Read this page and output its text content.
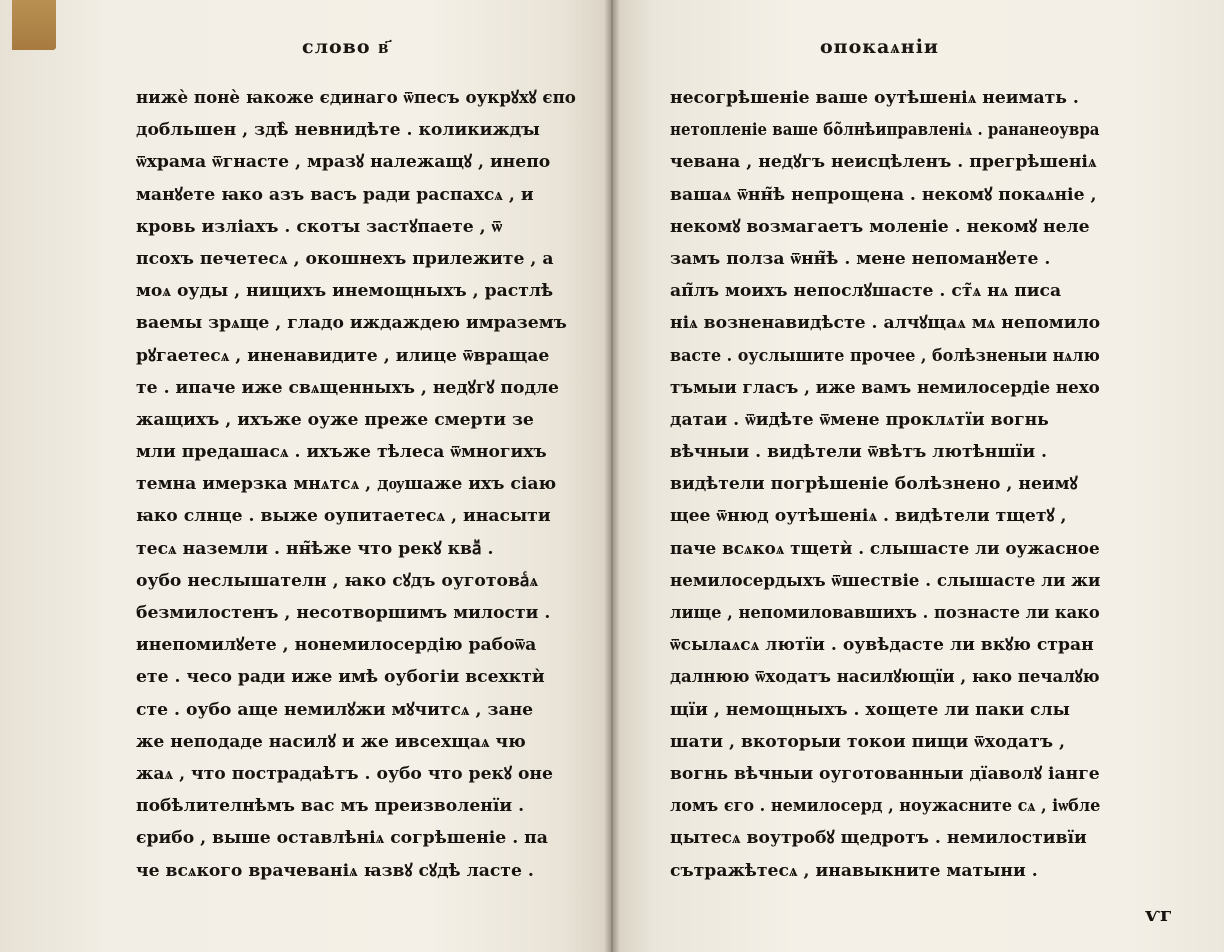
слово в҃
нижѐ понѐ ꙗкоже єдинаго ѿпесъ оукрꙋхꙋ єпо
добльшен , здѣ̀ невнидѣте . коликиждꙑ
ѿхрама ѿгнасте , мразꙋ належащꙋ , инепо
манꙋете ꙗко азъ васъ ради распахсѧ , и
кровь изліахъ . скотꙑ застꙋпаете , ѿ
псохъ печетесѧ , окошнехъ прилежите , а
моѧ оуды , нищихъ инемощныхъ , растлѣ
ваемы зрѧще , гладо иждаждею имраземъ
рꙋгаетесѧ , иненавидите , илице ѿвращае
те . ипаче иже свѧщенныхъ , недꙋгꙋ подле
жащихъ , ихъже оуже преже смерти зе
мли предашасѧ . ихъже тѣлеса ѿмногихъ
темна имерзка мнѧтсѧ , дѹшаже ихъ сіаю
ꙗко слнце . выже оупитаетесѧ , инасыти
тесѧ наземли . нн̃ѣже что рекꙋ кваⷨ .
оубо неслышателн , ꙗко сꙋдъ оуготоваⷭѧ
безмилостенъ , несотворшимъ милости .
инепомилꙋете , нонемилосердію рабоѿа
ете . чесо ради иже имѣ оубогіи всехктѝ
сте . оубо аще немилꙋжи мꙋчитсѧ , зане
же неподаде насилꙋ и же ивсехщаѧ чю
жаѧ , что пострадаѣтъ . оубо что рекꙋ оне
побѣлителнѣмъ вас мъ преизволенїи .
єрибо , выше оставлѣніѧ согрѣшеніе . па
че всѧкого врачеваніѧ ꙗзвꙋ сꙋдѣ ласте .
опокаѧніи
несогрѣшеніе ваше оутѣшеніѧ неимать .
нетопленіе ваше бо̃лнѣиправленіѧ . рананеоувра
чевана , недꙋгъ неисцѣленъ . прегрѣшеніѧ
вашаѧ ѿнн̃ѣ непрощена . некомꙋ покаѧніе ,
некомꙋ возмагаетъ моленіе . некомꙋ неле
замъ полза ѿнн̃ѣ . мене непоманꙋете .
ап̃лъ моихъ непослꙋшасте . ст̃ѧ нѧ писа
ніѧ возненавидѣсте . алчꙋщаѧ мѧ непомило
васте . оуслышите прочее , болѣзненыи нѧлю
тъмыи гласъ , иже вамъ немилосердіе нехо
датаи . ѿидѣте ѿмене проклѧтїи вогнь
вѣчныи . видѣтели ѿвѣтъ лютѣншїи .
видѣтели погрѣшеніе болѣзнено , неимꙋ
щее ѿнюд оутѣшеніѧ . видѣтели тщетꙋ ,
паче всѧкоѧ тщетѝ . слышасте ли оужасное
немилосердыхъ ѿшествіе . слышасте ли жи
лище , непомиловавшихъ . познасте ли како
ѿсылаѧсѧ лютїи . оувѣдасте ли вкꙋю стран
далнюю ѿходатъ насилꙋющїи , ꙗко печалꙋю
щїи , немощныхъ . хощете ли паки слы
шати , вкоторыи токои пищи ѿходатъ ,
вогнь вѣчныи оуготованныи дїаволꙋ іанге
ломъ єго . немилосерд , ноужасните сѧ , іѡбле
цытесѧ воутробꙋ щедротъ . немилостивїи
сътражѣтесѧ , инавыкните матыни .
ѵг
